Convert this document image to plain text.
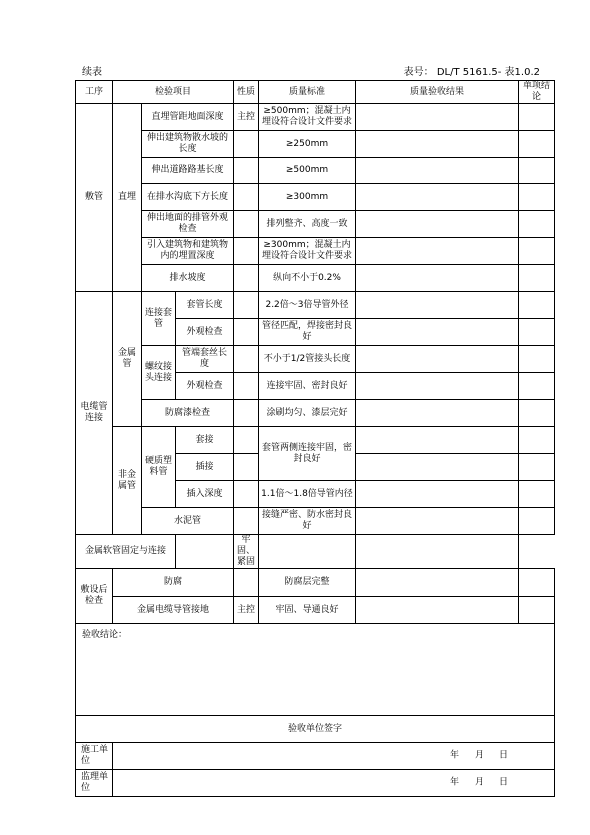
续表	表号： DL/T 5161.5- 表1.0.2
工序	检验项目			性质	质量标准	质量验收结果	单项结论
敷管	直埋	直埋管距地面深度		主控	≥500mm；混凝土内埋设符合设计文件要求		
		伸出建筑物散水坡的长度			≥250mm		
		伸出道路路基长度			≥500mm		
		在排水沟底下方长度			≥300mm		
		伸出地面的排管外观检查			排列整齐、高度一致		
		引入建筑物和建筑物内的埋置深度			≥300mm；混凝土内埋设符合设计文件要求		
		排水坡度			纵向不小于0.2%		
电缆管连接	金属管	连接套管	套管长度		2.2倍～3倍导管外径		
			外观检查		管径匹配，焊接密封良好		
		螺纹接头连接	管端套丝长度		不小于1/2管接头长度		
			外观检查		连接牢固、密封良好		
		防腐漆检查			涂刷均匀、漆层完好		
	非金属管	硬质塑料管	套接		套管两侧连接牢固，密封良好		
			插接				
			插入深度		1.1倍～1.8倍导管内径		
		水泥管			接缝严密、防水密封良好		
金属软管固定与连接				牢固、紧固			
敷设后检查	防腐				防腐层完整		
	金属电缆导管接地			主控	牢固、导通良好		
验收结论：							
验收单位签字							
施工单位	年 月 日						

监理单位	年 月 日						
